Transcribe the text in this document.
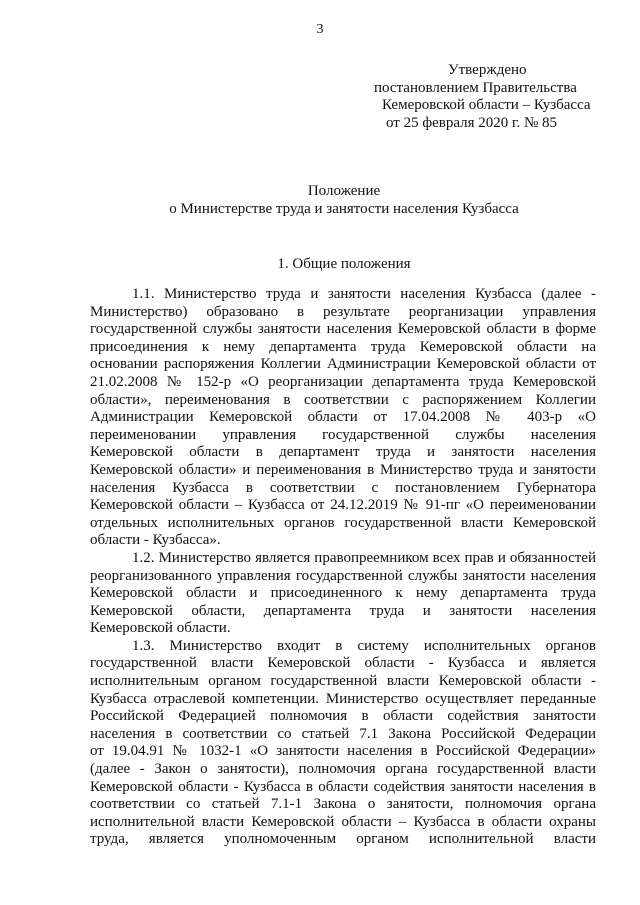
3
Утверждено
постановлением Правительства
Кемеровской области – Кузбасса
от 25 февраля 2020 г. № 85
Положение
о Министерстве труда и занятости населения Кузбасса
1. Общие положения
1.1. Министерство труда и занятости населения Кузбасса (далее -
Министерство) образовано в результате реорганизации управления
государственной службы занятости населения Кемеровской области в форме
присоединения к нему департамента труда Кемеровской области на
основании распоряжения Коллегии Администрации Кемеровской области от
21.02.2008 № 152-р «О реорганизации департамента труда Кемеровской
области», переименования в соответствии с распоряжением Коллегии
Администрации Кемеровской области от 17.04.2008 № 403-р «О
переименовании управления государственной службы населения
Кемеровской области в департамент труда и занятости населения
Кемеровской области» и переименования в Министерство труда и занятости
населения Кузбасса в соответствии с постановлением Губернатора
Кемеровской области – Кузбасса от 24.12.2019 № 91-пг «О переименовании
отдельных исполнительных органов государственной власти Кемеровской
области - Кузбасса».
1.2. Министерство является правопреемником всех прав и обязанностей
реорганизованного управления государственной службы занятости населения
Кемеровской области и присоединенного к нему департамента труда
Кемеровской области, департамента труда и занятости населения
Кемеровской области.
1.3. Министерство входит в систему исполнительных органов
государственной власти Кемеровской области - Кузбасса и является
исполнительным органом государственной власти Кемеровской области -
Кузбасса отраслевой компетенции. Министерство осуществляет переданные
Российской Федерацией полномочия в области содействия занятости
населения в соответствии со статьей 7.1 Закона Российской Федерации
от 19.04.91 № 1032-1 «О занятости населения в Российской Федерации»
(далее - Закон о занятости), полномочия органа государственной власти
Кемеровской области - Кузбасса в области содействия занятости населения в
соответствии со статьей 7.1-1 Закона о занятости, полномочия органа
исполнительной власти Кемеровской области – Кузбасса в области охраны
труда, является уполномоченным органом исполнительной власти
